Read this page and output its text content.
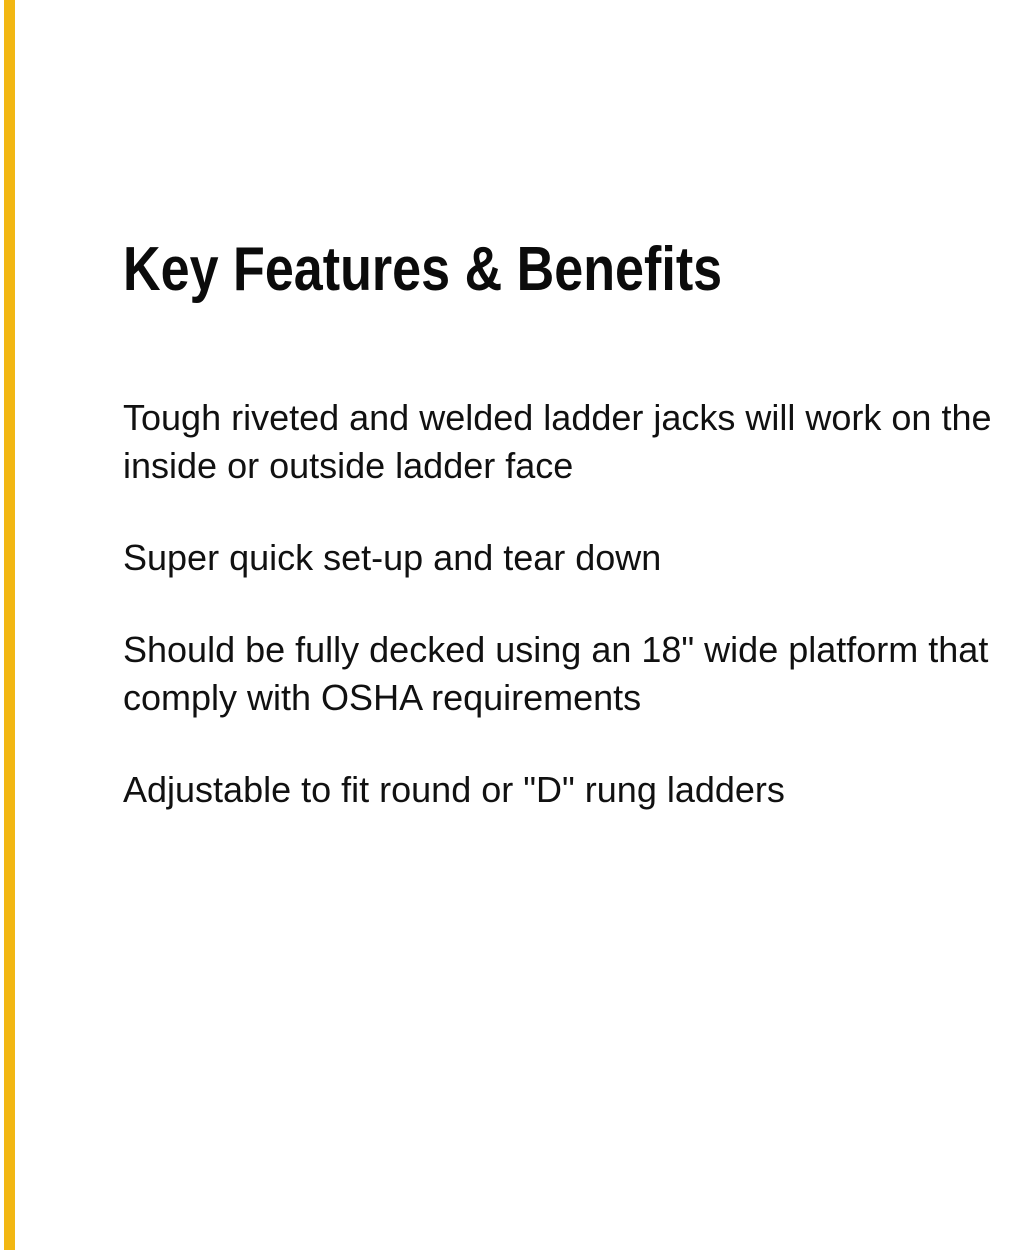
Key Features & Benefits
Tough riveted and welded ladder jacks will work on the inside or outside ladder face
Super quick set-up and tear down
Should be fully decked using an 18" wide platform that comply with OSHA requirements
Adjustable to fit round or "D" rung ladders
